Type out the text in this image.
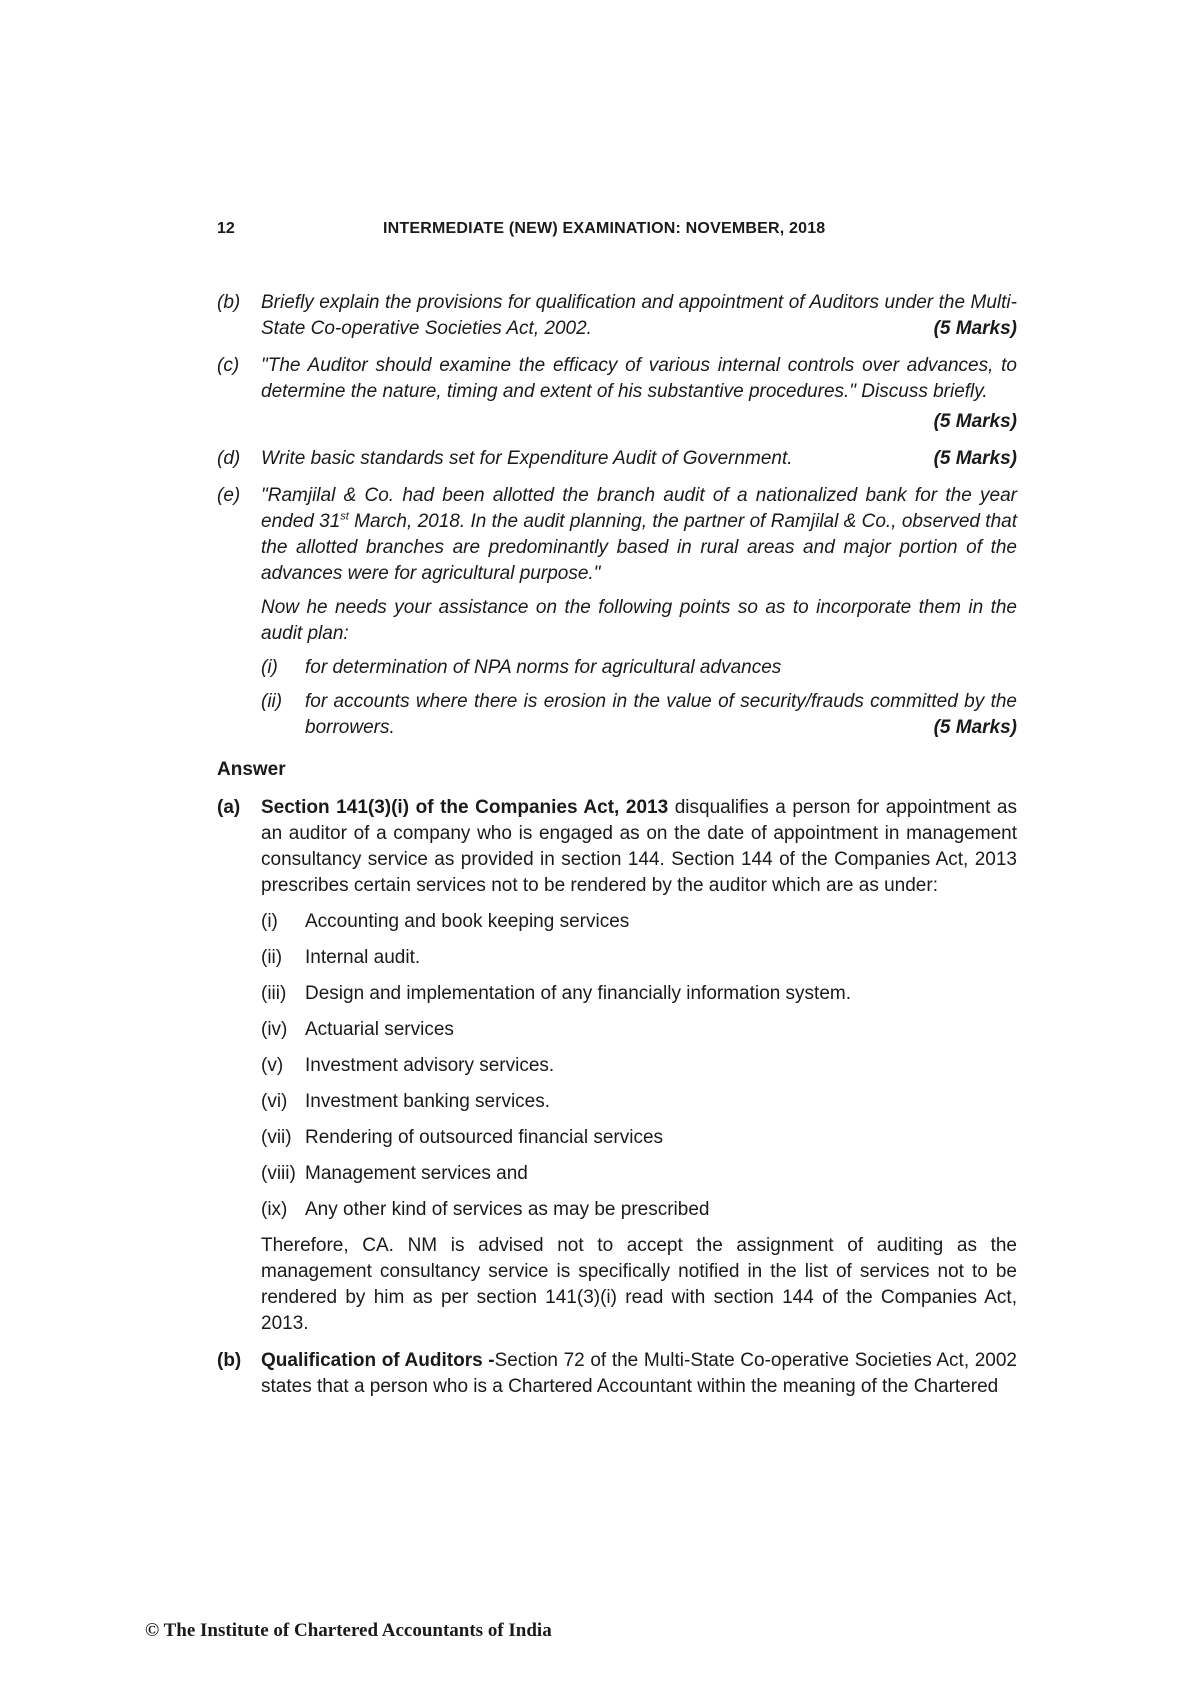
12	INTERMEDIATE (NEW) EXAMINATION: NOVEMBER, 2018
(b) Briefly explain the provisions for qualification and appointment of Auditors under the Multi-State Co-operative Societies Act, 2002.	(5 Marks)
(c) "The Auditor should examine the efficacy of various internal controls over advances, to determine the nature, timing and extent of his substantive procedures." Discuss briefly.
(5 Marks)
(d) Write basic standards set for Expenditure Audit of Government.	(5 Marks)
(e) "Ramjilal & Co. had been allotted the branch audit of a nationalized bank for the year ended 31st March, 2018. In the audit planning, the partner of Ramjilal & Co., observed that the allotted branches are predominantly based in rural areas and major portion of the advances were for agricultural purpose."
Now he needs your assistance on the following points so as to incorporate them in the audit plan:
(i) for determination of NPA norms for agricultural advances
(ii) for accounts where there is erosion in the value of security/frauds committed by the borrowers.	(5 Marks)
Answer
(a) Section 141(3)(i) of the Companies Act, 2013 disqualifies a person for appointment as an auditor of a company who is engaged as on the date of appointment in management consultancy service as provided in section 144. Section 144 of the Companies Act, 2013 prescribes certain services not to be rendered by the auditor which are as under:
(i) Accounting and book keeping services
(ii) Internal audit.
(iii) Design and implementation of any financially information system.
(iv) Actuarial services
(v) Investment advisory services.
(vi) Investment banking services.
(vii) Rendering of outsourced financial services
(viii) Management services and
(ix) Any other kind of services as may be prescribed
Therefore, CA. NM is advised not to accept the assignment of auditing as the management consultancy service is specifically notified in the list of services not to be rendered by him as per section 141(3)(i) read with section 144 of the Companies Act, 2013.
(b) Qualification of Auditors -Section 72 of the Multi-State Co-operative Societies Act, 2002 states that a person who is a Chartered Accountant within the meaning of the Chartered
© The Institute of Chartered Accountants of India
